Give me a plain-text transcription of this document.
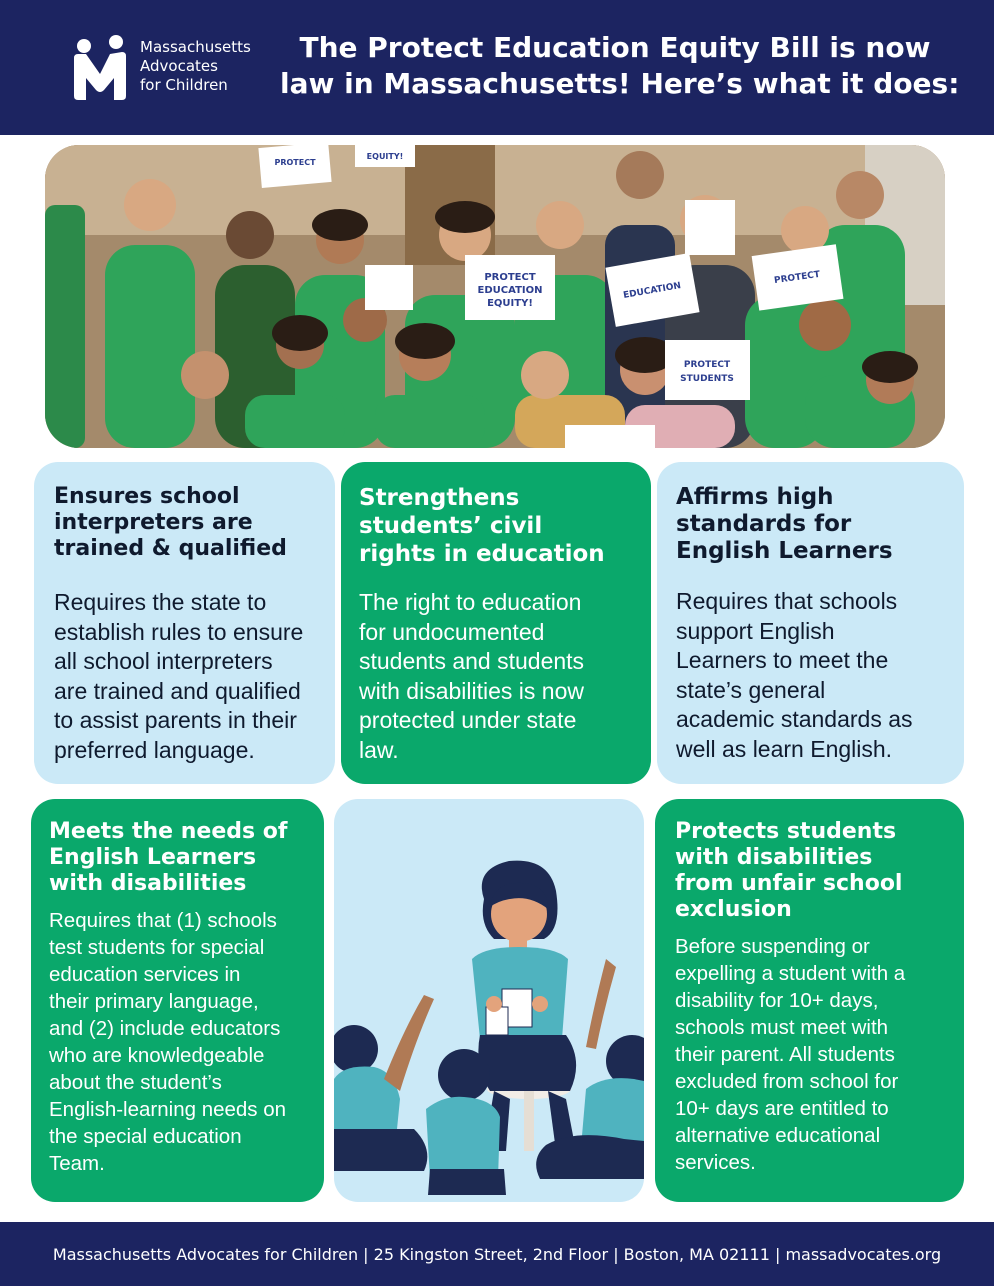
Massachusetts
Advocates
for Children
The Protect Education Equity Bill is now
law in Massachusetts! Here’s what it does:
PROTECT
EQUITY!
PROTECT
EDUCATION
EQUITY!
EDUCATION
PROTECT
PROTECT
STUDENTS
Ensures school
interpreters are
trained & qualified

Requires the state to
establish rules to ensure
all school interpreters
are trained and qualified
to assist parents in their
preferred language.

Strengthens
students’ civil
rights in education

The right to education
for undocumented
students and students
with disabilities is now
protected under state
law.

Affirms high
standards for
English Learners

Requires that schools
support English
Learners to meet the
state’s general
academic standards as
well as learn English.

Meets the needs of
English Learners
with disabilities

Requires that (1) schools
test students for special
education services in
their primary language,
and (2) include educators
who are knowledgeable
about the student’s
English-learning needs on
the special education
Team.

Protects students
with disabilities
from unfair school
exclusion

Before suspending or
expelling a student with a
disability for 10+ days,
schools must meet with
their parent. All students
excluded from school for
10+ days are entitled to
alternative educational
services.

Massachusetts Advocates for Children | 25 Kingston Street, 2nd Floor | Boston, MA 02111 | massadvocates.org
